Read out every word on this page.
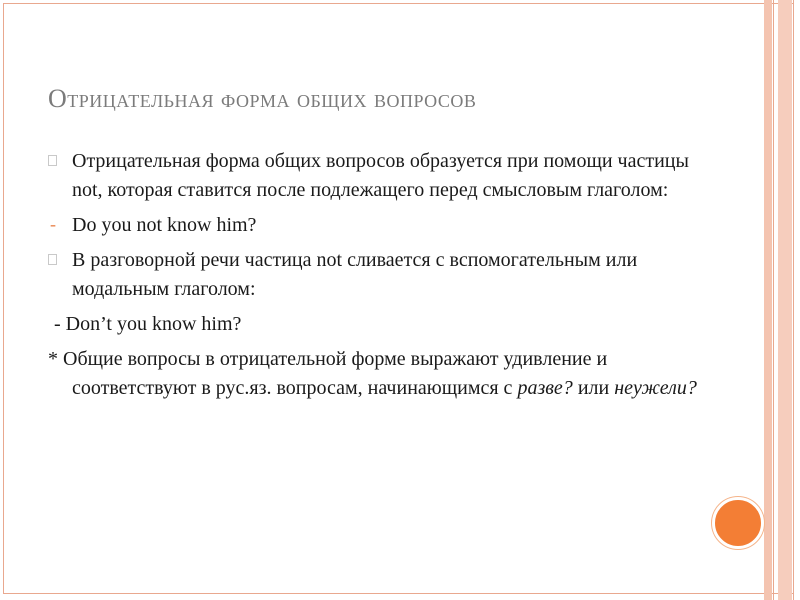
Отрицательная форма общих вопросов
Отрицательная форма общих вопросов образуется при помощи частицы not, которая ставится после подлежащего перед смысловым глаголом:
- Do you not know him?
В разговорной речи частица not сливается с вспомогательным или модальным глаголом:
- Don’t you know him?
* Общие вопросы в отрицательной форме выражают удивление и соответствуют в рус.яз. вопросам, начинающимся с разве? или неужели?
